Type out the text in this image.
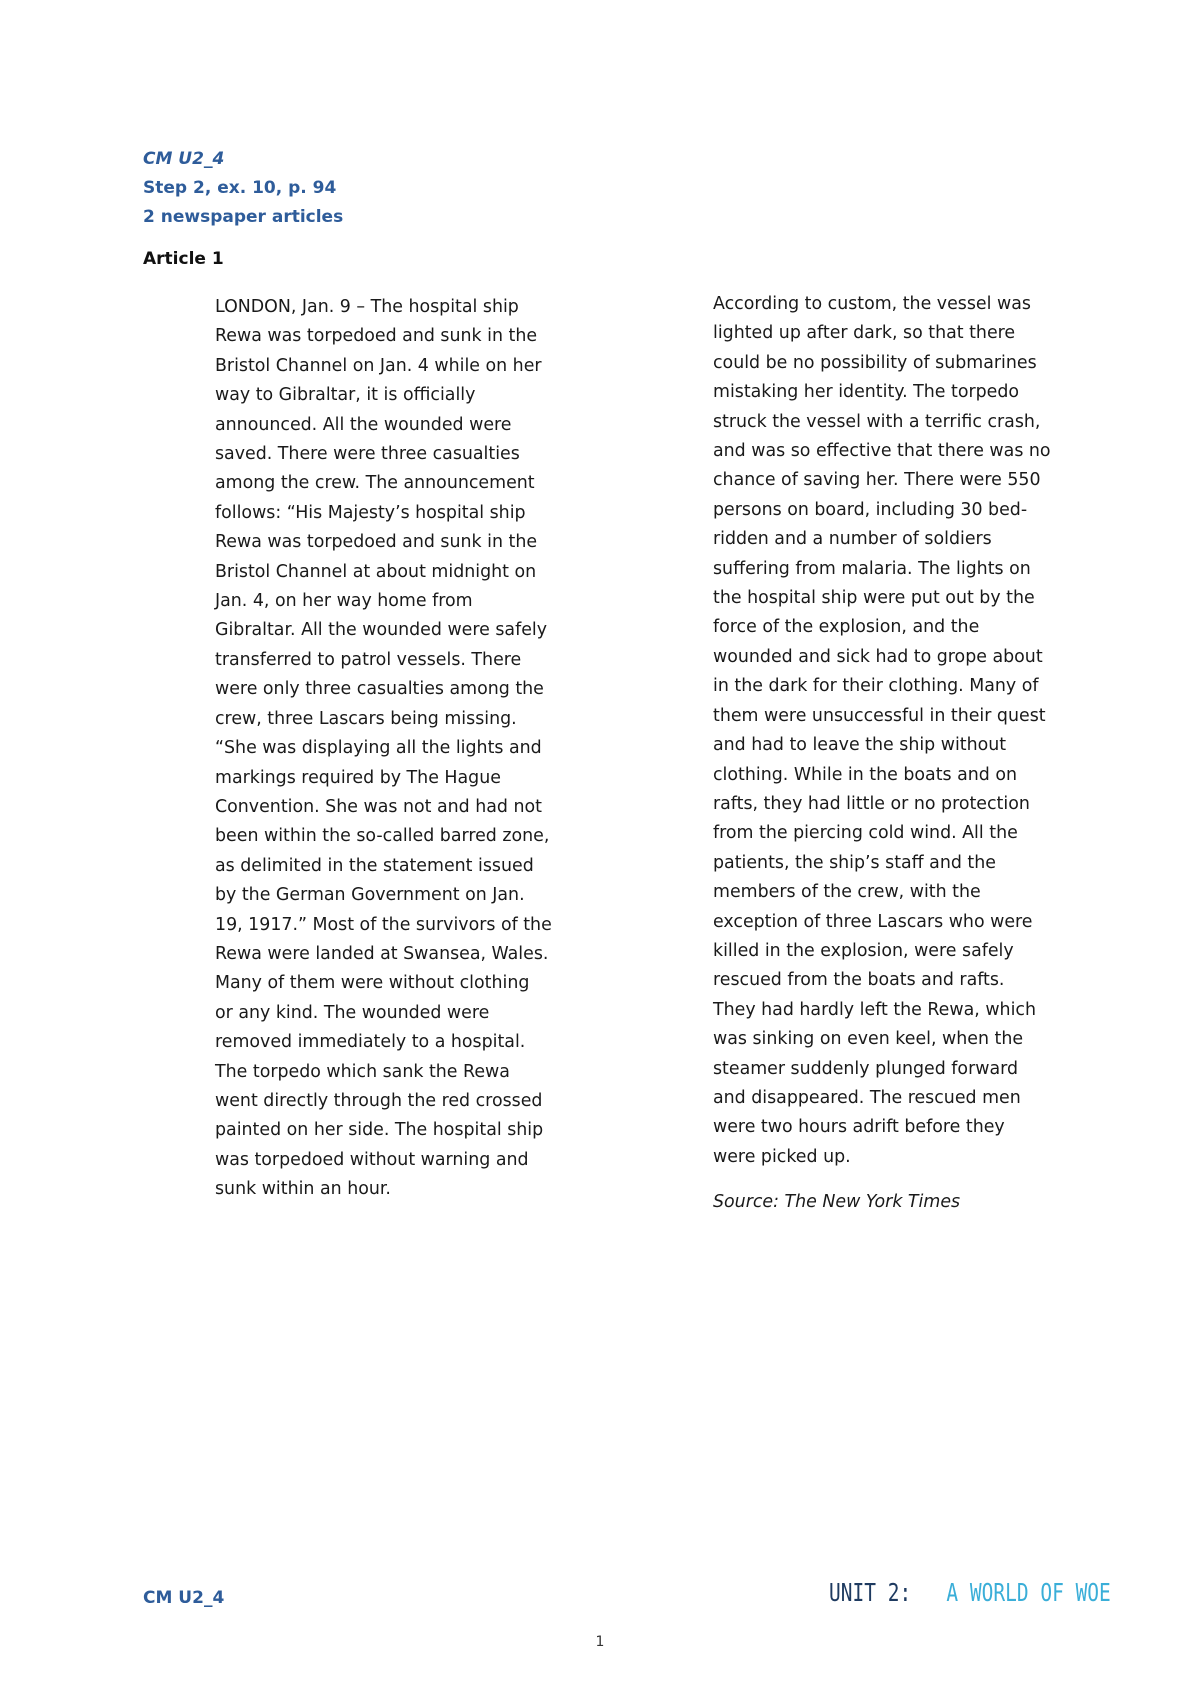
CM U2_4
Step 2, ex. 10, p. 94
2 newspaper articles
Article 1
LONDON, Jan. 9 – The hospital ship
Rewa was torpedoed and sunk in the
Bristol Channel on Jan. 4 while on her
way to Gibraltar, it is officially
announced. All the wounded were
saved. There were three casualties
among the crew. The announcement
follows: “His Majesty’s hospital ship
Rewa was torpedoed and sunk in the
Bristol Channel at about midnight on
Jan. 4, on her way home from
Gibraltar. All the wounded were safely
transferred to patrol vessels. There
were only three casualties among the
crew, three Lascars being missing.
“She was displaying all the lights and
markings required by The Hague
Convention. She was not and had not
been within the so-called barred zone,
as delimited in the statement issued
by the German Government on Jan.
19, 1917.” Most of the survivors of the
Rewa were landed at Swansea, Wales.
Many of them were without clothing
or any kind. The wounded were
removed immediately to a hospital.
The torpedo which sank the Rewa
went directly through the red crossed
painted on her side. The hospital ship
was torpedoed without warning and
sunk within an hour.
According to custom, the vessel was
lighted up after dark, so that there
could be no possibility of submarines
mistaking her identity. The torpedo
struck the vessel with a terrific crash,
and was so effective that there was no
chance of saving her. There were 550
persons on board, including 30 bed-
ridden and a number of soldiers
suffering from malaria. The lights on
the hospital ship were put out by the
force of the explosion, and the
wounded and sick had to grope about
in the dark for their clothing. Many of
them were unsuccessful in their quest
and had to leave the ship without
clothing. While in the boats and on
rafts, they had little or no protection
from the piercing cold wind. All the
patients, the ship’s staff and the
members of the crew, with the
exception of three Lascars who were
killed in the explosion, were safely
rescued from the boats and rafts.
They had hardly left the Rewa, which
was sinking on even keel, when the
steamer suddenly plunged forward
and disappeared. The rescued men
were two hours adrift before they
were picked up.
Source: The New York Times
CM U2_4	UNIT 2: A WORLD OF WOE
1
